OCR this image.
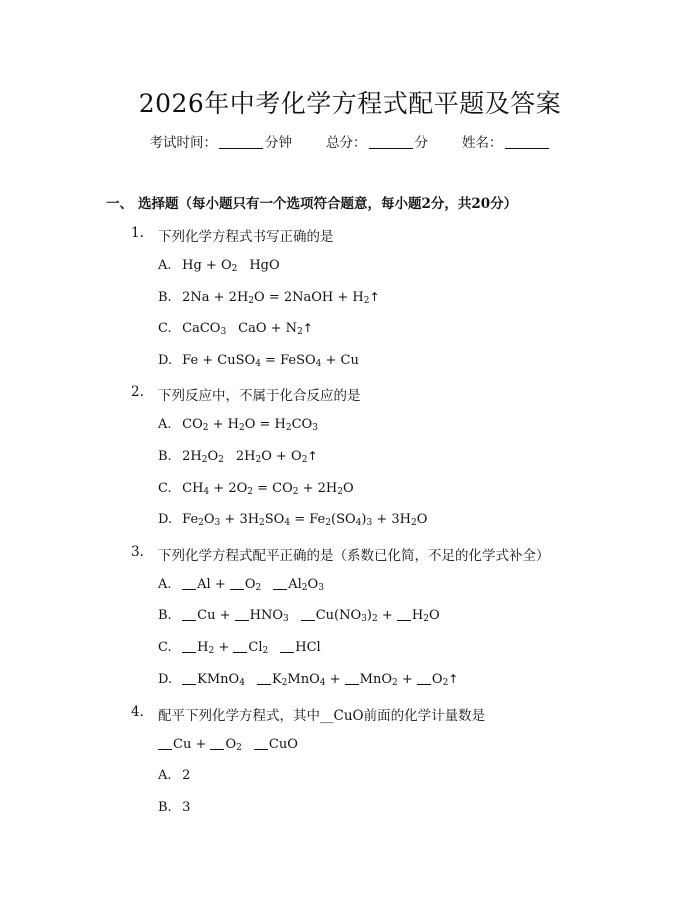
2026年中考化学方程式配平题及答案
考试时间：	分钟	总分：	分	姓名：
一、 选择题（每小题只有一个选项符合题意，每小题2分，共20分）
1. 下列化学方程式书写正确的是
A. $Hg + O_2$ HgO
B. $2Na + 2H_2O$ = 2NaOH + $H_2↑$
C. CaCO$_3$ CaO + $N_2↑$
D. Fe + CuSO$_4$ = FeSO$_4$ + Cu
2. 下列反应中，不属于化合反应的是
A. $CO_2 + H_2O = H_2CO_3$
B. $2H_2O_2$ $2H_2O$ + $O_2↑$
C. $CH_4 + 2O_2 = CO_2 + 2H_2O$
D. $Fe_2O_3 + 3H_2SO_4 = Fe_2(SO_4)_3 + 3H_2O$
3. 下列化学方程式配平正确的是（系数已化简，不足的化学式补全）
A. $Al + O_2$ $Al_2O_3$
B. $Cu + HNO_3$ $Cu(NO_3)_2 + H_2O$
C. $H_2 + Cl_2$ HCl
D. KMnO$_4$ $K_2MnO_4 + MnO_2$ + $O_2↑$
4. 配平下列化学方程式，其中__CuO前面的化学计量数是
$Cu + O_2$ CuO
A. 2
B. 3
